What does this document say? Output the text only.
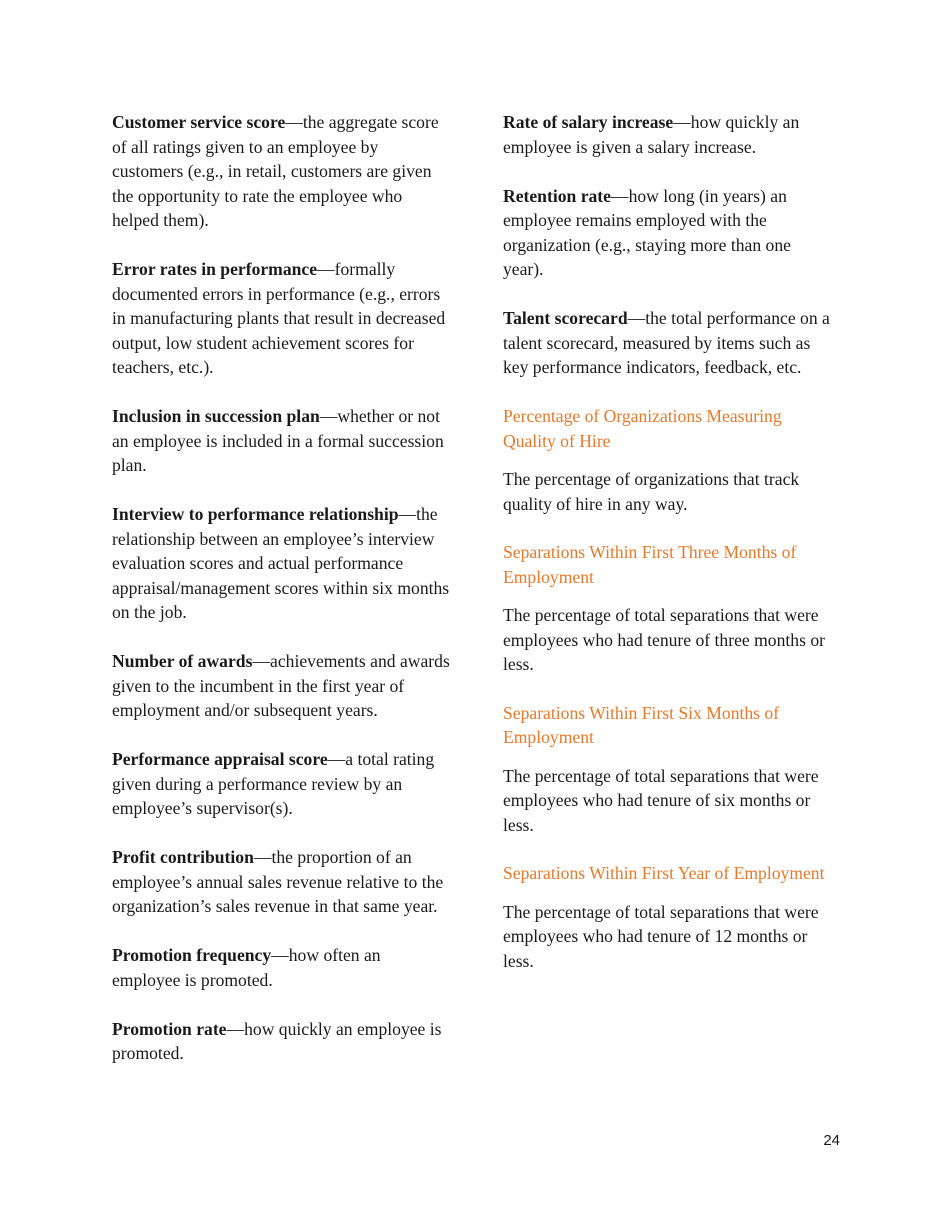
Customer service score—the aggregate score of all ratings given to an employee by customers (e.g., in retail, customers are given the opportunity to rate the employee who helped them).

Error rates in performance—formally documented errors in performance (e.g., errors in manufacturing plants that result in decreased output, low student achievement scores for teachers, etc.).

Inclusion in succession plan—whether or not an employee is included in a formal succession plan.

Interview to performance relationship—the relationship between an employee’s interview evaluation scores and actual performance appraisal/management scores within six months on the job.

Number of awards—achievements and awards given to the incumbent in the first year of employment and/or subsequent years.

Performance appraisal score—a total rating given during a performance review by an employee’s supervisor(s).

Profit contribution—the proportion of an employee’s annual sales revenue relative to the organization’s sales revenue in that same year.

Promotion frequency—how often an employee is promoted.

Promotion rate—how quickly an employee is promoted.

Rate of salary increase—how quickly an employee is given a salary increase.

Retention rate—how long (in years) an employee remains employed with the organization (e.g., staying more than one year).

Talent scorecard—the total performance on a talent scorecard, measured by items such as key performance indicators, feedback, etc.

Percentage of Organizations Measuring Quality of Hire

The percentage of organizations that track quality of hire in any way.

Separations Within First Three Months of Employment

The percentage of total separations that were employees who had tenure of three months or less.

Separations Within First Six Months of Employment

The percentage of total separations that were employees who had tenure of six months or less.

Separations Within First Year of Employment

The percentage of total separations that were employees who had tenure of 12 months or less.

24
